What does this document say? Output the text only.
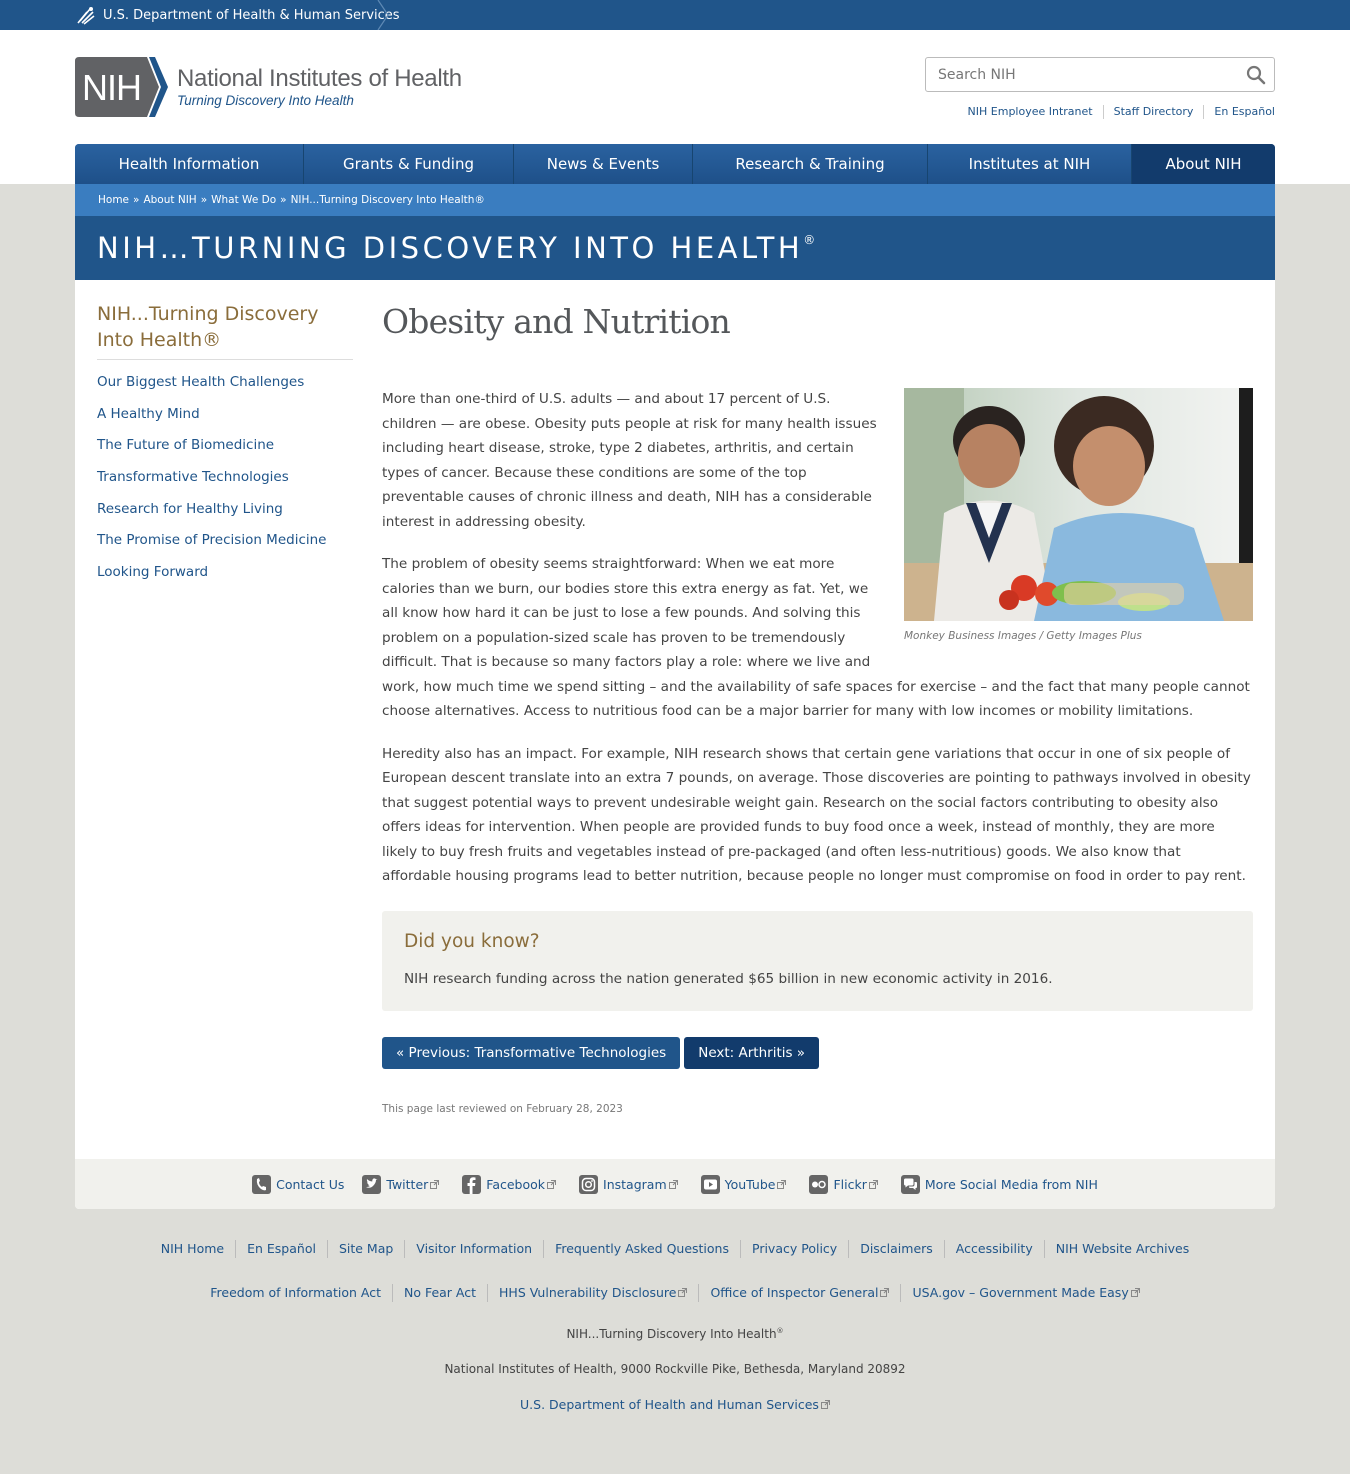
U.S. Department of Health & Human Services
NIH National Institutes of Health
Turning Discovery Into Health
Search NIH
NIH Employee Intranet	Staff Directory	En Español
Health Information	Grants & Funding	News & Events	Research & Training	Institutes at NIH	About NIH
Home » About NIH » What We Do » NIH...Turning Discovery Into Health®
NIH…TURNING DISCOVERY INTO HEALTH®
NIH...Turning Discovery Into Health®
Our Biggest Health Challenges
A Healthy Mind
The Future of Biomedicine
Transformative Technologies
Research for Healthy Living
The Promise of Precision Medicine
Looking Forward
Obesity and Nutrition
Monkey Business Images / Getty Images Plus

More than one-third of U.S. adults — and about 17 percent of U.S. children — are obese. Obesity puts people at risk for many health issues including heart disease, stroke, type 2 diabetes, arthritis, and certain types of cancer. Because these conditions are some of the top preventable causes of chronic illness and death, NIH has a considerable interest in addressing obesity.

The problem of obesity seems straightforward: When we eat more calories than we burn, our bodies store this extra energy as fat. Yet, we all know how hard it can be just to lose a few pounds. And solving this problem on a population-sized scale has proven to be tremendously difficult. That is because so many factors play a role: where we live and work, how much time we spend sitting – and the availability of safe spaces for exercise – and the fact that many people cannot choose alternatives. Access to nutritious food can be a major barrier for many with low incomes or mobility limitations.

Heredity also has an impact. For example, NIH research shows that certain gene variations that occur in one of six people of European descent translate into an extra 7 pounds, on average. Those discoveries are pointing to pathways involved in obesity that suggest potential ways to prevent undesirable weight gain. Research on the social factors contributing to obesity also offers ideas for intervention. When people are provided funds to buy food once a week, instead of monthly, they are more likely to buy fresh fruits and vegetables instead of pre-packaged (and often less-nutritious) goods. We also know that affordable housing programs lead to better nutrition, because people no longer must compromise on food in order to pay rent.

Did you know?

NIH research funding across the nation generated $65 billion in new economic activity in 2016.

« Previous: Transformative Technologies	Next: Arthritis »
This page last reviewed on February 28, 2023
Contact Us	Twitter	Facebook	Instagram	YouTube	Flickr	More Social Media from NIH
NIH Home	En Español	Site Map	Visitor Information	Frequently Asked Questions	Privacy Policy	Disclaimers	Accessibility	NIH Website Archives
Freedom of Information Act	No Fear Act	HHS Vulnerability Disclosure	Office of Inspector General	USA.gov – Government Made Easy
NIH...Turning Discovery Into Health®
National Institutes of Health, 9000 Rockville Pike, Bethesda, Maryland 20892
U.S. Department of Health and Human Services
